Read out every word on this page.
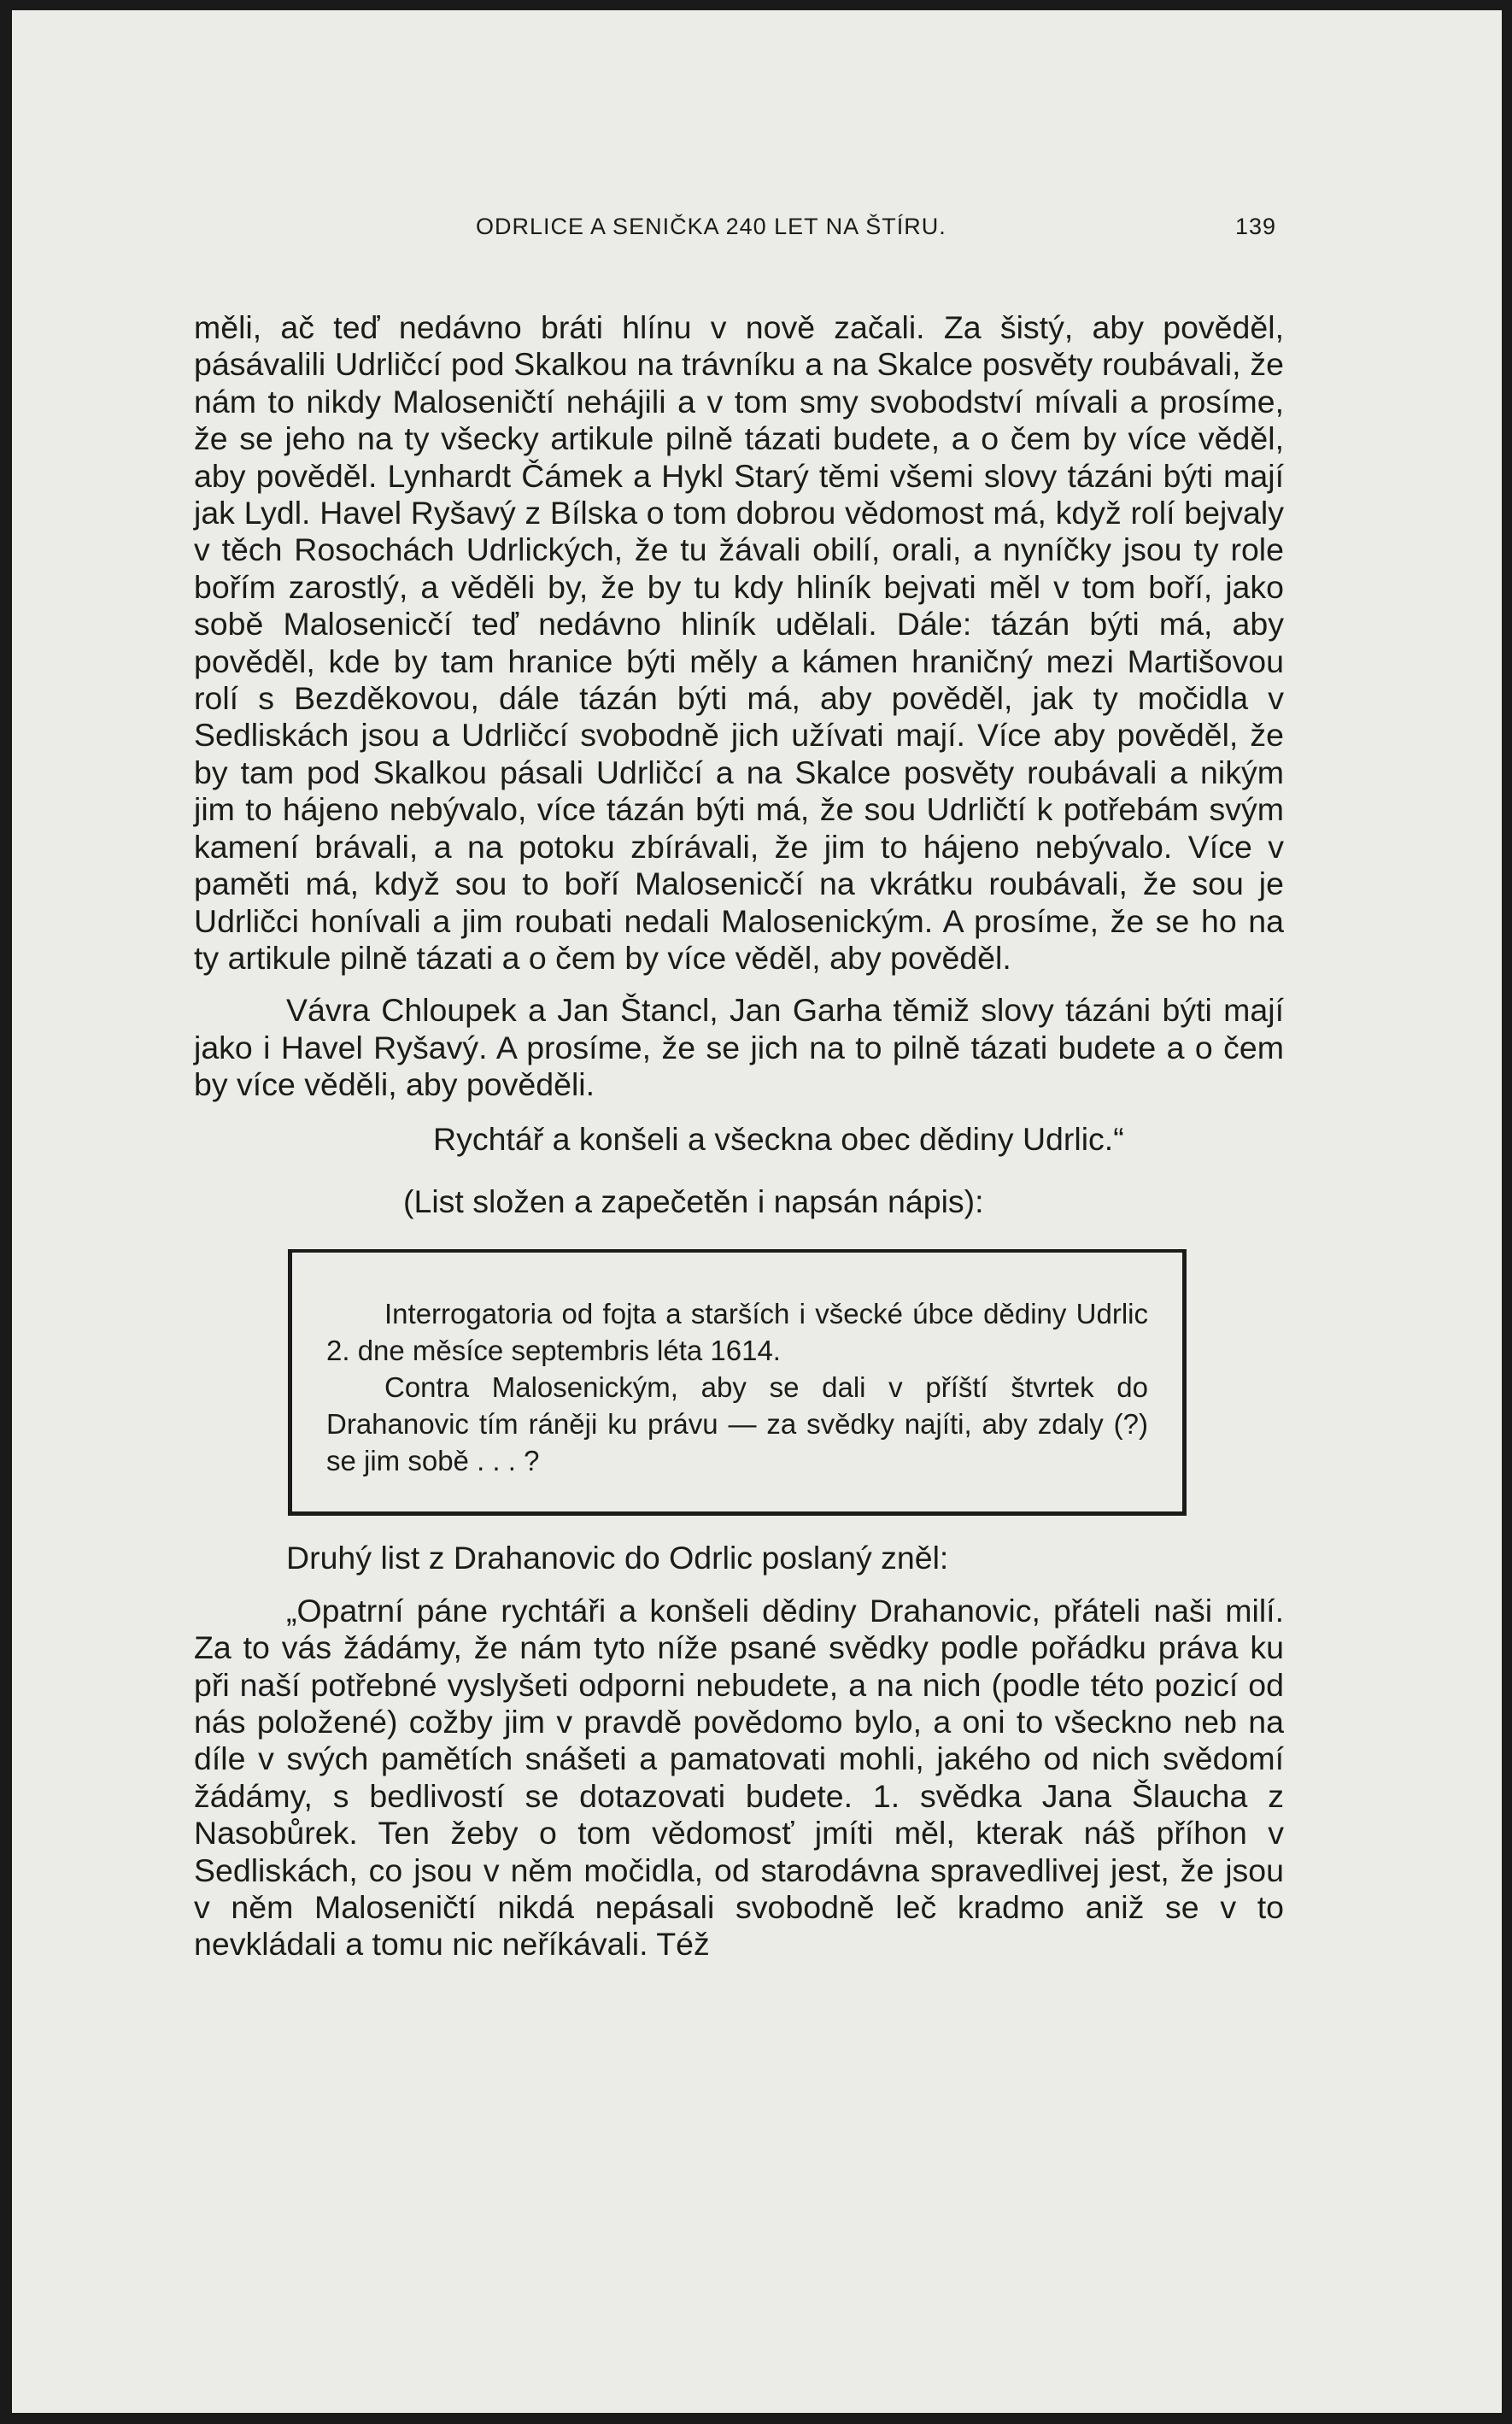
ODRLICE A SENIČKA 240 LET NA ŠTÍRU.	139

měli, ač teď nedávno bráti hlínu v nově začali. Za šistý, aby pověděl, pásávalili Udrličcí pod Skalkou na trávníku a na Skalce posvěty roubávali, že nám to nikdy Maloseničtí nehájili a v tom smy svobodství mívali a prosíme, že se jeho na ty všecky artikule pilně tázati budete, a o čem by více věděl, aby pověděl. Lynhardt Čámek a Hykl Starý těmi všemi slovy tázáni býti mají jak Lydl. Havel Ryšavý z Bílska o tom dobrou vědomost má, když rolí bejvaly v těch Rosochách Udrlických, že tu žávali obilí, orali, a nyníčky jsou ty role bořím zarostlý, a věděli by, že by tu kdy hliník bejvati měl v tom boří, jako sobě Malosenicčí teď nedávno hliník udělali. Dále: tázán býti má, aby pověděl, kde by tam hranice býti měly a kámen hraničný mezi Martišovou rolí s Bezděkovou, dále tázán býti má, aby pověděl, jak ty močidla v Sedliskách jsou a Udrličcí svobodně jich užívati mají. Více aby pověděl, že by tam pod Skalkou pásali Udrličcí a na Skalce posvěty roubávali a nikým jim to hájeno nebývalo, více tázán býti má, že sou Udrličtí k potřebám svým kamení brávali, a na potoku zbírávali, že jim to hájeno nebývalo. Více v paměti má, když sou to boří Malosenicčí na vkrátku roubávali, že sou je Udrličci honívali a jim roubati nedali Malosenickým. A prosíme, že se ho na ty artikule pilně tázati a o čem by více věděl, aby pověděl.

Vávra Chloupek a Jan Štancl, Jan Garha těmiž slovy tázáni býti mají jako i Havel Ryšavý. A prosíme, že se jich na to pilně tázati budete a o čem by více věděli, aby pověděli.

Rychtář a konšeli a všeckna obec dědiny Udrlic.“

(List složen a zapečetěn i napsán nápis):

Interrogatoria od fojta a starších i všecké úbce dědiny Udrlic 2. dne měsíce septembris léta 1614.

Contra Malosenickým, aby se dali v příští štvrtek do Drahanovic tím ráněji ku právu — za svědky najíti, aby zdaly (?) se jim sobě . . . ?

Druhý list z Drahanovic do Odrlic poslaný zněl:

„Opatrní páne rychtáři a konšeli dědiny Drahanovic, přáteli naši milí. Za to vás žádámy, že nám tyto níže psané svědky podle pořádku práva ku při naší potřebné vyslyšeti odporni nebudete, a na nich (podle této pozicí od nás položené) cožby jim v pravdě povědomo bylo, a oni to všecknо neb na díle v svých pamětích snášeti a pamatovati mohli, jakého od nich svědomí žádámy, s bedlivostí se dotazovati budete. 1. svědka Jana Šlaucha z Nasobůrek. Ten žeby o tom vědomosť jmíti měl, kterak náš příhon v Sedliskách, co jsou v něm močidla, od starodávna spravedlivej jest, že jsou v něm Maloseničtí nikdá nepásali svobodně leč kradmo aniž se v to nevkládali a tomu nic neříkávali. Též
